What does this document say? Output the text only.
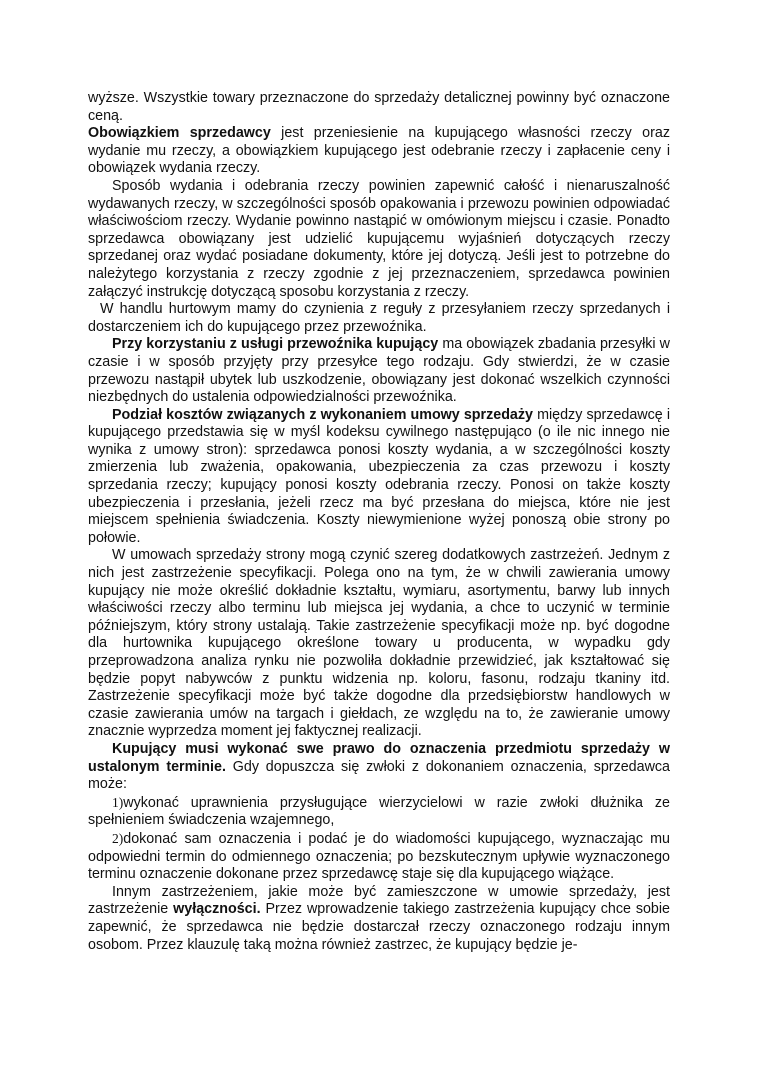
wyższe. Wszystkie towary przeznaczone do sprzedaży detalicznej powinny być oznaczone ceną.

Obowiązkiem sprzedawcy jest przeniesienie na kupującego własności rzeczy oraz wydanie mu rzeczy, a obowiązkiem kupującego jest odebranie rzeczy i zapłacenie ceny i obowiązek wydania rzeczy.

Sposób wydania i odebrania rzeczy powinien zapewnić całość i nienaruszalność wydawanych rzeczy, w szczególności sposób opakowania i przewozu powinien odpowiadać właściwościom rzeczy. Wydanie powinno nastąpić w omówionym miejscu i czasie. Ponadto sprzedawca obowiązany jest udzielić kupującemu wyjaśnień dotyczących rzeczy sprzedanej oraz wydać posiadane dokumenty, które jej dotyczą. Jeśli jest to potrzebne do należytego korzystania z rzeczy zgodnie z jej przeznaczeniem, sprzedawca powinien załączyć instrukcję dotyczącą sposobu korzystania z rzeczy.

W handlu hurtowym mamy do czynienia z reguły z przesyłaniem rzeczy sprzedanych i dostarczeniem ich do kupującego przez przewoźnika.

Przy korzystaniu z usługi przewoźnika kupujący ma obowiązek zbadania przesyłki w czasie i w sposób przyjęty przy przesyłce tego rodzaju. Gdy stwierdzi, że w czasie przewozu nastąpił ubytek lub uszkodzenie, obowiązany jest dokonać wszelkich czynności niezbędnych do ustalenia odpowiedzialności przewoźnika.

Podział kosztów związanych z wykonaniem umowy sprzedaży między sprzedawcę i kupującego przedstawia się w myśl kodeksu cywilnego następująco (o ile nic innego nie wynika z umowy stron): sprzedawca ponosi koszty wydania, a w szczególności koszty zmierzenia lub zważenia, opakowania, ubezpieczenia za czas przewozu i koszty sprzedania rzeczy; kupujący ponosi koszty odebrania rzeczy. Ponosi on także koszty ubezpieczenia i przesłania, jeżeli rzecz ma być przesłana do miejsca, które nie jest miejscem spełnienia świadczenia. Koszty niewymienione wyżej ponoszą obie strony po połowie.

W umowach sprzedaży strony mogą czynić szereg dodatkowych zastrzeżeń. Jednym z nich jest zastrzeżenie specyfikacji. Polega ono na tym, że w chwili zawierania umowy kupujący nie może określić dokładnie kształtu, wymiaru, asortymentu, barwy lub innych właściwości rzeczy albo terminu lub miejsca jej wydania, a chce to uczynić w terminie późniejszym, który strony ustalają. Takie zastrzeżenie specyfikacji może np. być dogodne dla hurtownika kupującego określone towary u producenta, w wypadku gdy przeprowadzona analiza rynku nie pozwoliła dokładnie przewidzieć, jak kształtować się będzie popyt nabywców z punktu widzenia np. koloru, fasonu, rodzaju tkaniny itd. Zastrzeżenie specyfikacji może być także dogodne dla przedsiębiorstw handlowych w czasie zawierania umów na targach i giełdach, ze względu na to, że zawieranie umowy znacznie wyprzedza moment jej faktycznej realizacji.

Kupujący musi wykonać swe prawo do oznaczenia przedmiotu sprzedaży w ustalonym terminie. Gdy dopuszcza się zwłoki z dokonaniem oznaczenia, sprzedawca może:

1)wykonać uprawnienia przysługujące wierzycielowi w razie zwłoki dłużnika ze spełnieniem świadczenia wzajemnego,

2)dokonać sam oznaczenia i podać je do wiadomości kupującego, wyznaczając mu odpowiedni termin do odmiennego oznaczenia; po bezskutecznym upływie wyznaczonego terminu oznaczenie dokonane przez sprzedawcę staje się dla kupującego wiążące.

Innym zastrzeżeniem, jakie może być zamieszczone w umowie sprzedaży, jest zastrzeżenie wyłączności. Przez wprowadzenie takiego zastrzeżenia kupujący chce sobie zapewnić, że sprzedawca nie będzie dostarczał rzeczy oznaczonego rodzaju innym osobom. Przez klauzulę taką można również zastrzec, że kupujący będzie je-
